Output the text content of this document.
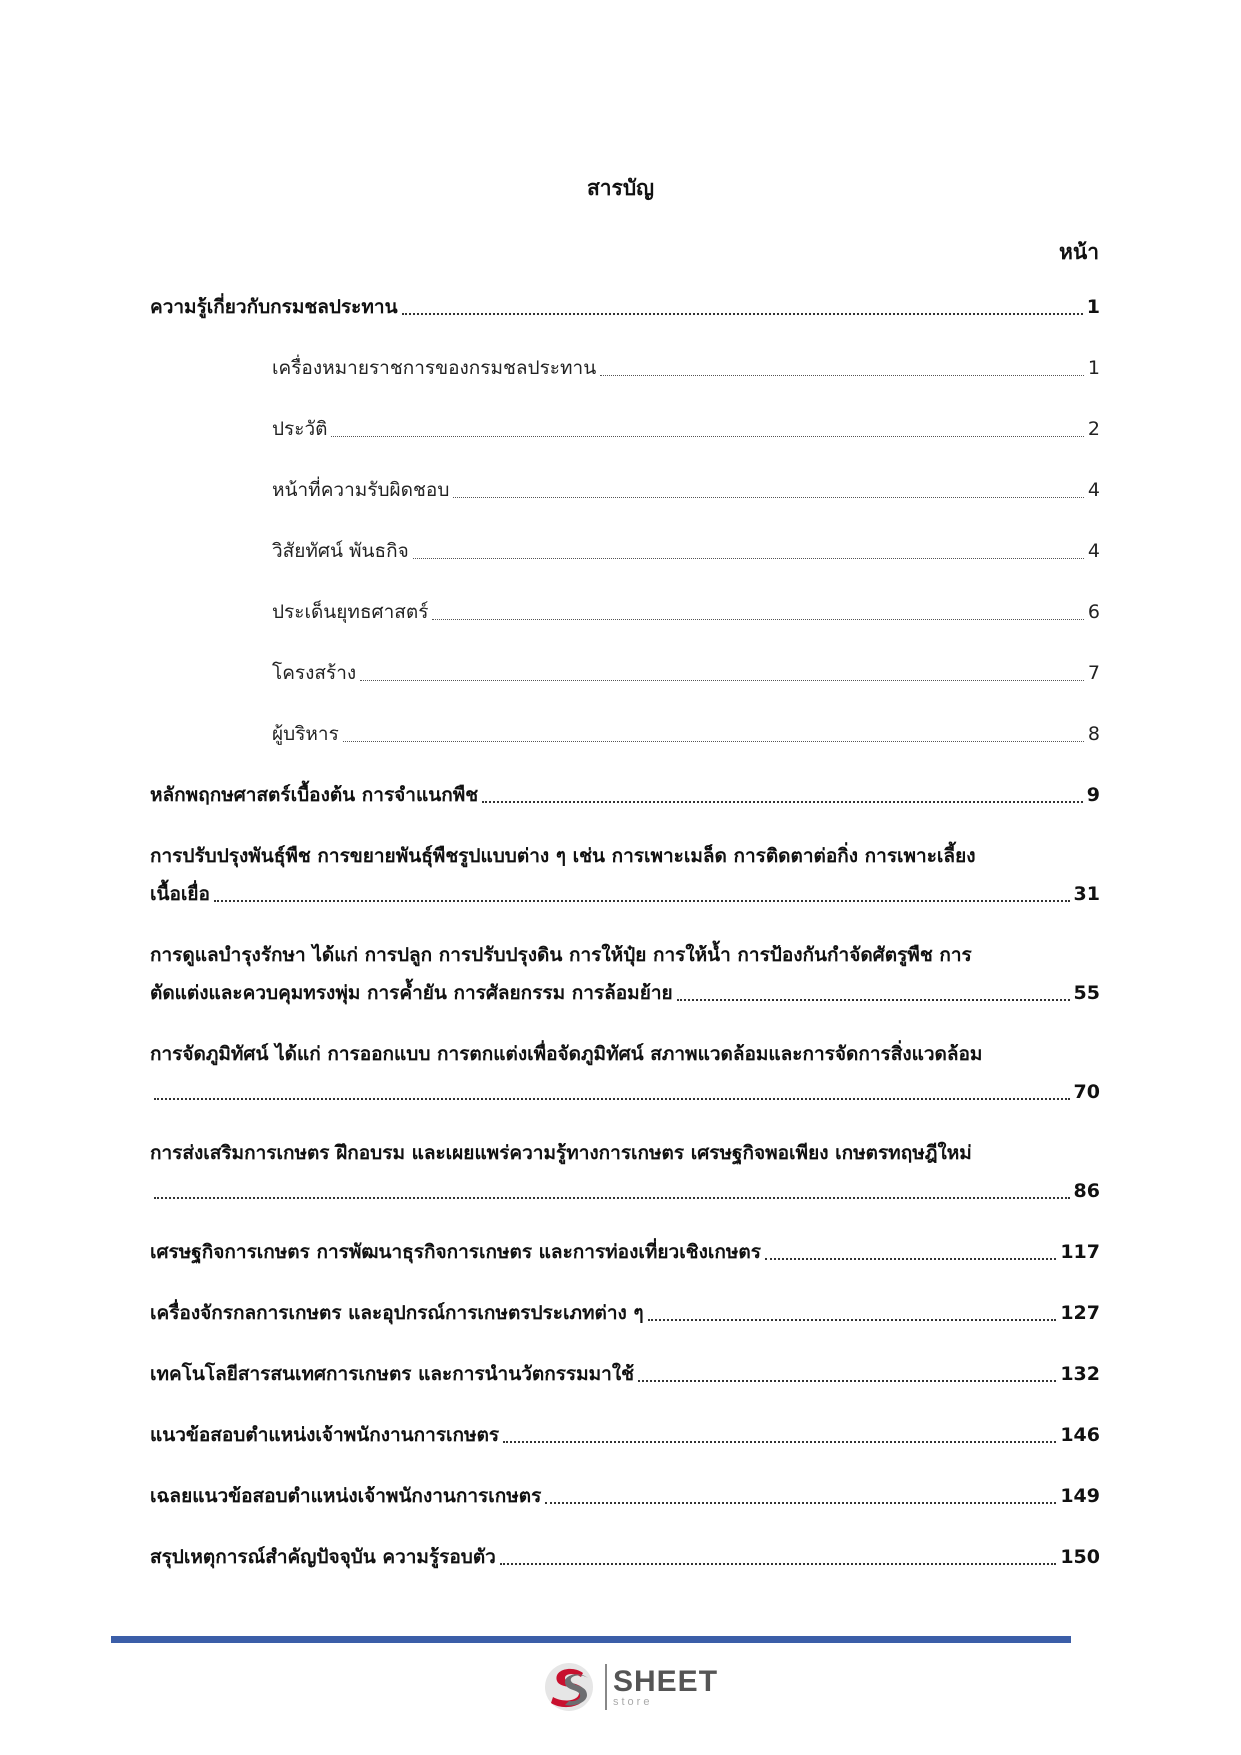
สารบัญ
หน้า
ความรู้เกี่ยวกับกรมชลประทาน	1
เครื่องหมายราชการของกรมชลประทาน	1
ประวัติ	2
หน้าที่ความรับผิดชอบ	4
วิสัยทัศน์ พันธกิจ	4
ประเด็นยุทธศาสตร์	6
โครงสร้าง	7
ผู้บริหาร	8
หลักพฤกษศาสตร์เบื้องต้น การจำแนกพืช	9
การปรับปรุงพันธุ์พืช การขยายพันธุ์พืชรูปแบบต่าง ๆ เช่น การเพาะเมล็ด การติดตาต่อกิ่ง การเพาะเลี้ยง
เนื้อเยื่อ	31
การดูแลบำรุงรักษา ได้แก่ การปลูก การปรับปรุงดิน การให้ปุ๋ย การให้น้ำ การป้องกันกำจัดศัตรูพืช การ
ตัดแต่งและควบคุมทรงพุ่ม การค้ำยัน การศัลยกรรม การล้อมย้าย	55
การจัดภูมิทัศน์ ได้แก่ การออกแบบ การตกแต่งเพื่อจัดภูมิทัศน์ สภาพแวดล้อมและการจัดการสิ่งแวดล้อม
70
การส่งเสริมการเกษตร ฝึกอบรม และเผยแพร่ความรู้ทางการเกษตร เศรษฐกิจพอเพียง เกษตรทฤษฎีใหม่
86
เศรษฐกิจการเกษตร การพัฒนาธุรกิจการเกษตร และการท่องเที่ยวเชิงเกษตร	117
เครื่องจักรกลการเกษตร และอุปกรณ์การเกษตรประเภทต่าง ๆ	127
เทคโนโลยีสารสนเทศการเกษตร และการนำนวัตกรรมมาใช้	132
แนวข้อสอบตำแหน่งเจ้าพนักงานการเกษตร	146
เฉลยแนวข้อสอบตำแหน่งเจ้าพนักงานการเกษตร	149
สรุปเหตุการณ์สำคัญปัจจุบัน ความรู้รอบตัว	150
SHEET
store
